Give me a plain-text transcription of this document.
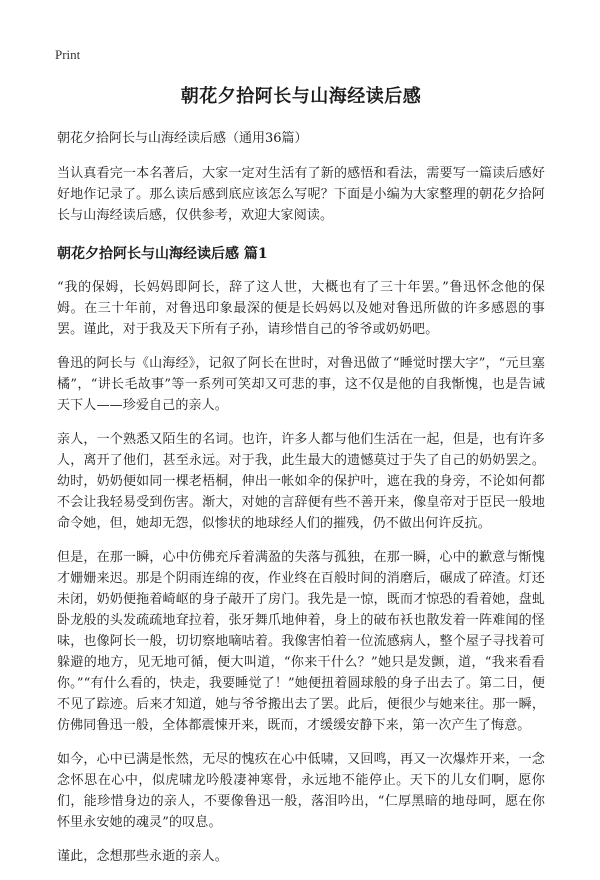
Print
朝花夕拾阿长与山海经读后感
朝花夕拾阿长与山海经读后感（通用36篇）

当认真看完一本名著后，大家一定对生活有了新的感悟和看法，需要写一篇读后感好好地作记录了。那么读后感到底应该怎么写呢？下面是小编为大家整理的朝花夕拾阿长与山海经读后感，仅供参考，欢迎大家阅读。

朝花夕拾阿长与山海经读后感 篇1

“我的保姆，长妈妈即阿长，辞了这人世，大概也有了三十年罢。”鲁迅怀念他的保姆。在三十年前，对鲁迅印象最深的便是长妈妈以及她对鲁迅所做的许多感恩的事罢。谨此，对于我及天下所有子孙，请珍惜自己的爷爷或奶奶吧。

鲁迅的阿长与《山海经》，记叙了阿长在世时，对鲁迅做了“睡觉时摆大字”，“元旦塞橘”，“讲长毛故事”等一系列可笑却又可悲的事，这不仅是他的自我惭愧，也是告诫天下人——珍爱自己的亲人。

亲人，一个熟悉又陌生的名词。也许，许多人都与他们生活在一起，但是，也有许多人，离开了他们，甚至永远。对于我，此生最大的遗憾莫过于失了自己的奶奶罢之。幼时，奶奶便如同一棵老梧桐，伸出一帐如伞的保护叶，遮在我的身旁，不论如何都不会让我轻易受到伤害。渐大，对她的言辞便有些不善开来，像皇帝对于臣民一般地命令她，但，她却无怨，似惨状的地球经人们的摧残，仍不做出何许反抗。

但是，在那一瞬，心中仿佛充斥着满盈的失落与孤独，在那一瞬，心中的歉意与惭愧才姗姗来迟。那是个阴雨连绵的夜，作业终在百般时间的消磨后，碾成了碎渣。灯还未闭，奶奶便拖着崎岖的身子敲开了房门。我先是一惊，既而才惊恐的看着她，盘虬卧龙般的头发疏疏地耷拉着，张牙舞爪地伸着，身上的破布袄也散发着一阵难闻的怪味，也像阿长一般，切切察地嘀咕着。我像害怕着一位流感病人，整个屋子寻找着可躲避的地方，见无地可循，便大叫道，“你来干什么？”她只是发颤，道，“我来看看你。”“有什么看的，快走，我要睡觉了！”她便扭着圆球般的身子出去了。第二日，便不见了踪迹。后来才知道，她与爷爷搬出去了罢。此后，便很少与她来往。那一瞬，仿佛同鲁迅一般，全体都震悚开来，既而，才缓缓安静下来，第一次产生了悔意。

如今，心中已满是怅然，无尽的愧疚在心中低啸，又回鸣，再又一次爆炸开来，一念念怀思在心中，似虎啸龙吟般凄神寒骨，永远地不能停止。天下的儿女们啊，愿你们，能珍惜身边的亲人，不要像鲁迅一般，落泪吟出，“仁厚黑暗的地母呵，愿在你怀里永安她的魂灵”的叹息。

谨此，念想那些永逝的亲人。
